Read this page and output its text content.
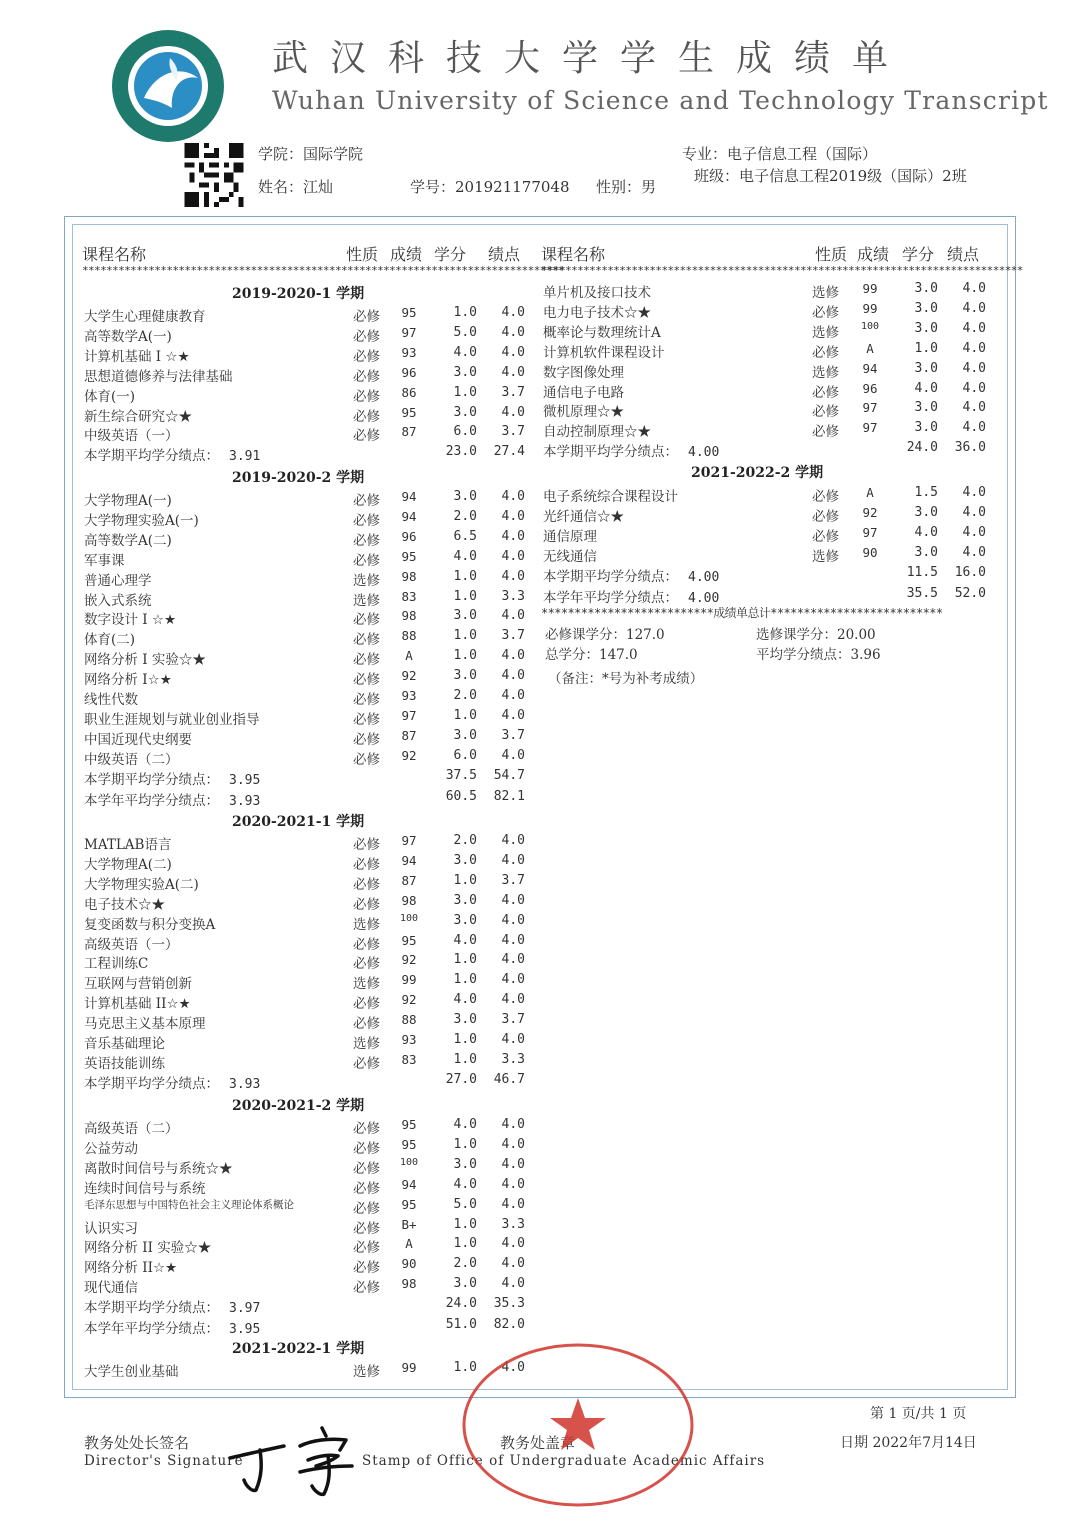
武汉科技大学学生成绩单
Wuhan University of Science and Technology Transcript
学院：国际学院	专业：电子信息工程（国际）
姓名：江灿	学号：201921177048 性别：男
班级：电子信息工程2019级（国际）2班
课程名称	性质 成绩 学分 绩点
********************************************************************************
课程名称	性质 成绩 学分 绩点
********************************************************************************
2019-2020-1 学期
大学生心理健康教育	必修	95	1.0	4.0
高等数学A(一)	必修	97	5.0	4.0
计算机基础 I ☆★	必修	93	4.0	4.0
思想道德修养与法律基础	必修	96	3.0	4.0
体育(一)	必修	86	1.0	3.7
新生综合研究☆★	必修	95	3.0	4.0
中级英语（一）	必修	87	6.0	3.7
本学期平均学分绩点： 3.91	23.0	27.4
2019-2020-2 学期
大学物理A(一)	必修	94	3.0	4.0
大学物理实验A(一)	必修	94	2.0	4.0
高等数学A(二)	必修	96	6.5	4.0
军事课	必修	95	4.0	4.0
普通心理学	选修	98	1.0	4.0
嵌入式系统	选修	83	1.0	3.3
数字设计 I ☆★	必修	98	3.0	4.0
体育(二)	必修	88	1.0	3.7
网络分析 I 实验☆★	必修	A	1.0	4.0
网络分析 I☆★	必修	92	3.0	4.0
线性代数	必修	93	2.0	4.0
职业生涯规划与就业创业指导	必修	97	1.0	4.0
中国近现代史纲要	必修	87	3.0	3.7
中级英语（二）	必修	92	6.0	4.0
本学期平均学分绩点： 3.95	37.5	54.7
本学年平均学分绩点： 3.93	60.5	82.1
2020-2021-1 学期
MATLAB语言	必修	97	2.0	4.0
大学物理A(二)	必修	94	3.0	4.0
大学物理实验A(二)	必修	87	1.0	3.7
电子技术☆★	必修	98	3.0	4.0
复变函数与积分变换A	选修	100	3.0	4.0
高级英语（一）	必修	95	4.0	4.0
工程训练C	必修	92	1.0	4.0
互联网与营销创新	选修	99	1.0	4.0
计算机基础 II☆★	必修	92	4.0	4.0
马克思主义基本原理	必修	88	3.0	3.7
音乐基础理论	选修	93	1.0	4.0
英语技能训练	必修	83	1.0	3.3
本学期平均学分绩点： 3.93	27.0	46.7
2020-2021-2 学期
高级英语（二）	必修	95	4.0	4.0
公益劳动	必修	95	1.0	4.0
离散时间信号与系统☆★	必修	100	3.0	4.0
连续时间信号与系统	必修	94	4.0	4.0
毛泽东思想与中国特色社会主义理论体系概论	必修	95	5.0	4.0
认识实习	必修	B+	1.0	3.3
网络分析 II 实验☆★	必修	A	1.0	4.0
网络分析 II☆★	必修	90	2.0	4.0
现代通信	必修	98	3.0	4.0
本学期平均学分绩点： 3.97	24.0	35.3
本学年平均学分绩点： 3.95	51.0	82.0
2021-2022-1 学期
大学生创业基础	选修	99	1.0	4.0
单片机及接口技术	选修	99	3.0	4.0
电力电子技术☆★	必修	99	3.0	4.0
概率论与数理统计A	选修	100	3.0	4.0
计算机软件课程设计	必修	A	1.0	4.0
数字图像处理	选修	94	3.0	4.0
通信电子电路	必修	96	4.0	4.0
微机原理☆★	必修	97	3.0	4.0
自动控制原理☆★	必修	97	3.0	4.0
本学期平均学分绩点： 4.00	24.0	36.0
2021-2022-2 学期
电子系统综合课程设计	必修	A	1.5	4.0
光纤通信☆★	必修	92	3.0	4.0
通信原理	必修	97	4.0	4.0
无线通信	选修	90	3.0	4.0
本学期平均学分绩点： 4.00	11.5	16.0
本学年平均学分绩点： 4.00	35.5	52.0
**************************成绩单总计**************************
必修课学分：127.0	选修课学分：20.00
总学分：147.0	平均学分绩点：3.96
（备注：*号为补考成绩）
第 1 页/共 1 页
教务处处长签名
Director's Signature
教务处盖章
Stamp of Office of Undergraduate Academic Affairs
日期 2022年7月14日
